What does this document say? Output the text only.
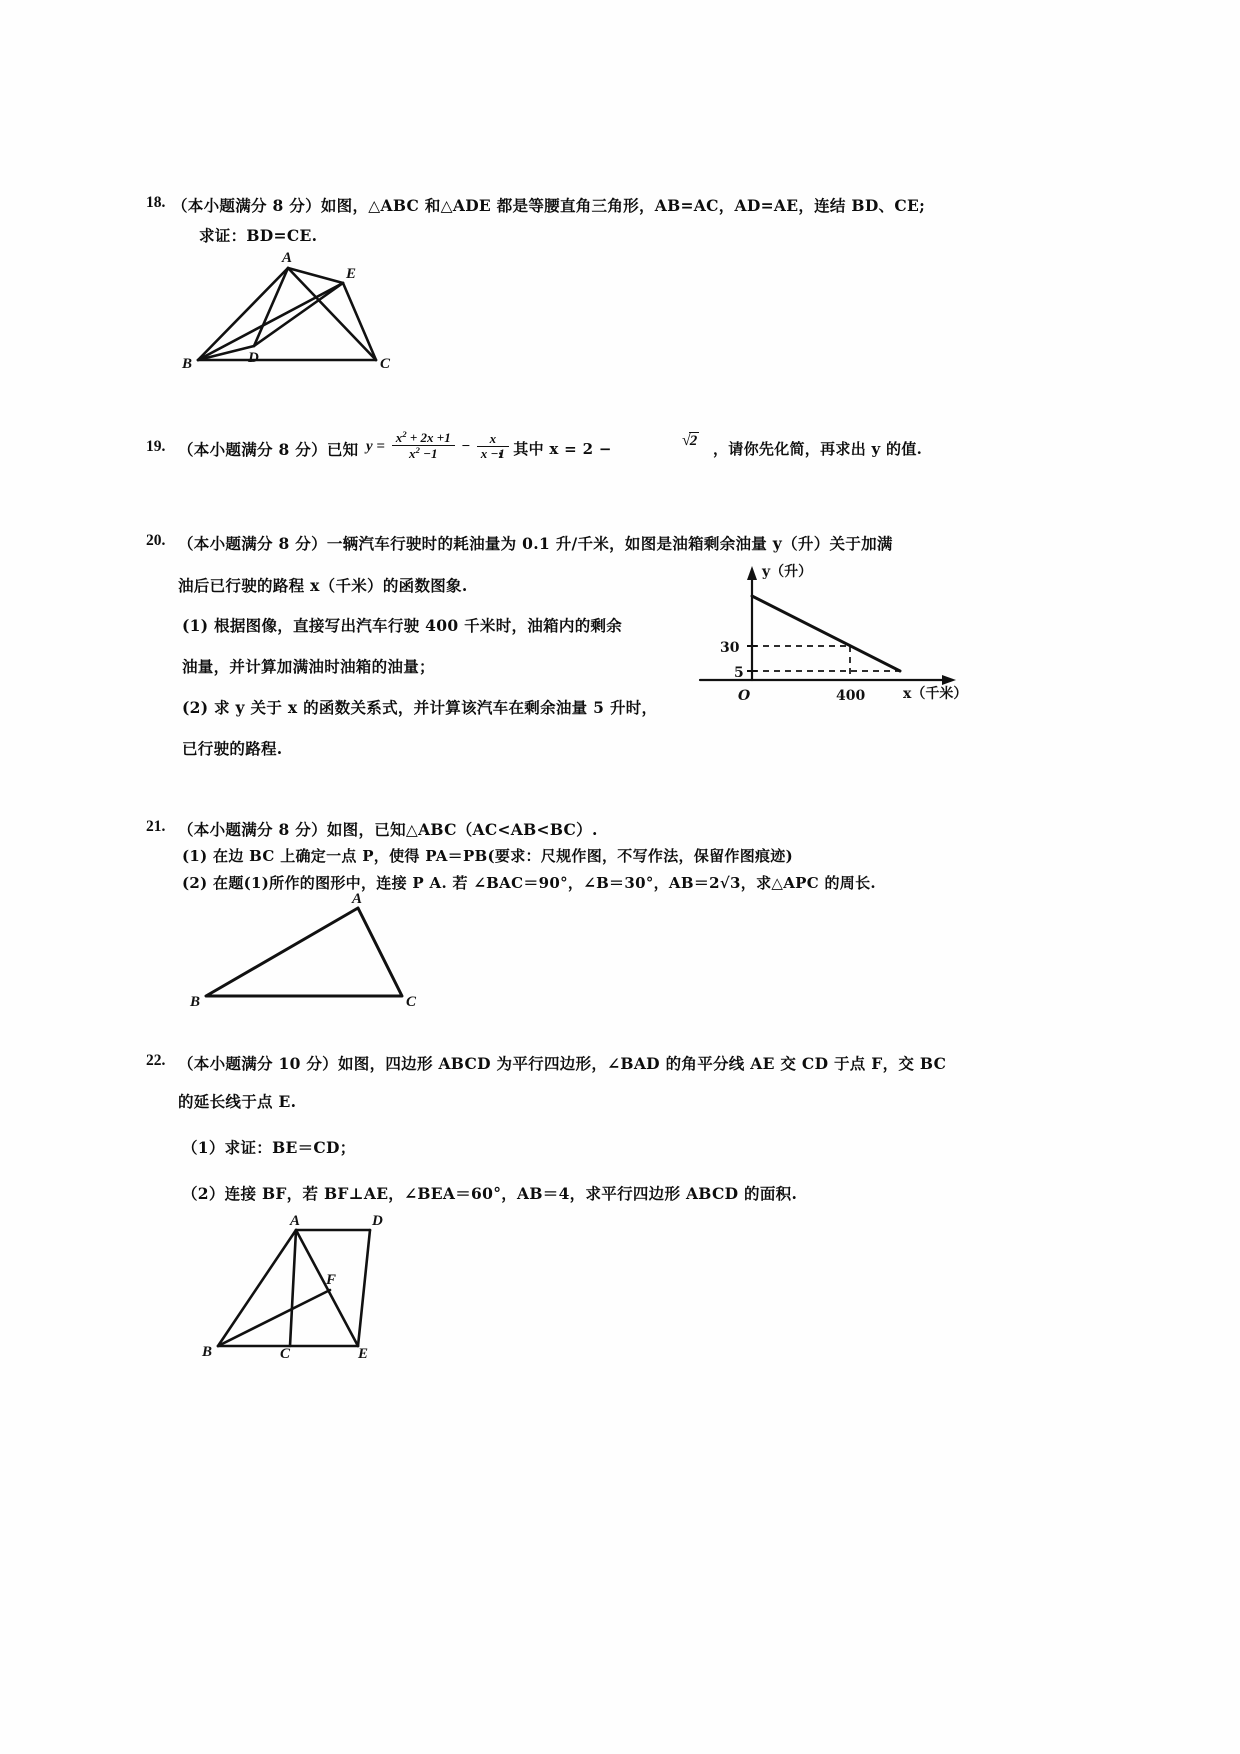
18. （本小题满分 8 分）如图，△ABC 和△ADE 都是等腰直角三角形，AB=AC，AD=AE，连结 BD、CE;
求证：BD=CE.
A
E
B	D	C
19. （本小题满分 8 分）已知 $y = \frac{x^2 + 2x +1}{x^2 -1} - \frac{x}{x -1}$
，其中 x = 2 −	√2 ，请你先化简，再求出 y 的值.
20. （本小题满分 8 分）一辆汽车行驶时的耗油量为 0.1 升/千米，如图是油箱剩余油量 y（升）关于加满
油后已行驶的路程 x（千米）的函数图象.
(1) 根据图像，直接写出汽车行驶 400 千米时，油箱内的剩余
油量，并计算加满油时油箱的油量；
(2) 求 y 关于 x 的函数关系式，并计算该汽车在剩余油量 5 升时，
已行驶的路程.
y（升）
x（千米）
30
5
400
O
21. （本小题满分 8 分）如图，已知△ABC（AC<AB<BC）.
(1) 在边 BC 上确定一点 P，使得 PA＝PB(要求：尺规作图，不写作法，保留作图痕迹)
(2) 在题(1)所作的图形中，连接 P A. 若 ∠BAC＝90°，∠B＝30°，AB＝2√3，求△APC 的周长.
A
B	C
22. （本小题满分 10 分）如图，四边形 ABCD 为平行四边形，∠BAD 的角平分线 AE 交 CD 于点 F，交 BC
的延长线于点 E.
（1）求证：BE＝CD；
（2）连接 BF，若 BF⊥AE，∠BEA＝60°，AB＝4，求平行四边形 ABCD 的面积.
A	D
F
B	C	E
